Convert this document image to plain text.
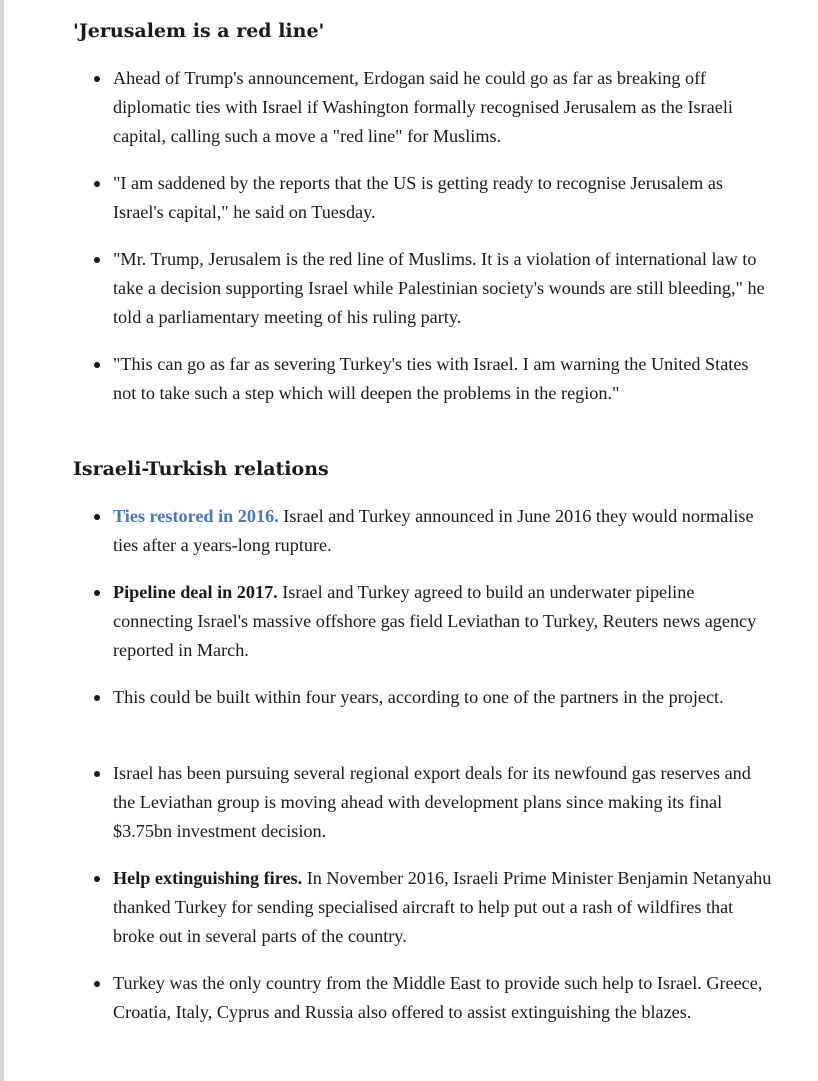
'Jerusalem is a red line'

Ahead of Trump's announcement, Erdogan said he could go as far as breaking off diplomatic ties with Israel if Washington formally recognised Jerusalem as the Israeli capital, calling such a move a "red line" for Muslims.

"I am saddened by the reports that the US is getting ready to recognise Jerusalem as Israel's capital," he said on Tuesday.

"Mr. Trump, Jerusalem is the red line of Muslims. It is a violation of international law to take a decision supporting Israel while Palestinian society's wounds are still bleeding," he told a parliamentary meeting of his ruling party.

"This can go as far as severing Turkey's ties with Israel. I am warning the United States not to take such a step which will deepen the problems in the region."

Israeli-Turkish relations

Ties restored in 2016. Israel and Turkey announced in June 2016 they would normalise ties after a years-long rupture.

Pipeline deal in 2017. Israel and Turkey agreed to build an underwater pipeline connecting Israel's massive offshore gas field Leviathan to Turkey, Reuters news agency reported in March.

This could be built within four years, according to one of the partners in the project.

Israel has been pursuing several regional export deals for its newfound gas reserves and the Leviathan group is moving ahead with development plans since making its final $3.75bn investment decision.

Help extinguishing fires. In November 2016, Israeli Prime Minister Benjamin Netanyahu thanked Turkey for sending specialised aircraft to help put out a rash of wildfires that broke out in several parts of the country.

Turkey was the only country from the Middle East to provide such help to Israel. Greece, Croatia, Italy, Cyprus and Russia also offered to assist extinguishing the blazes.
